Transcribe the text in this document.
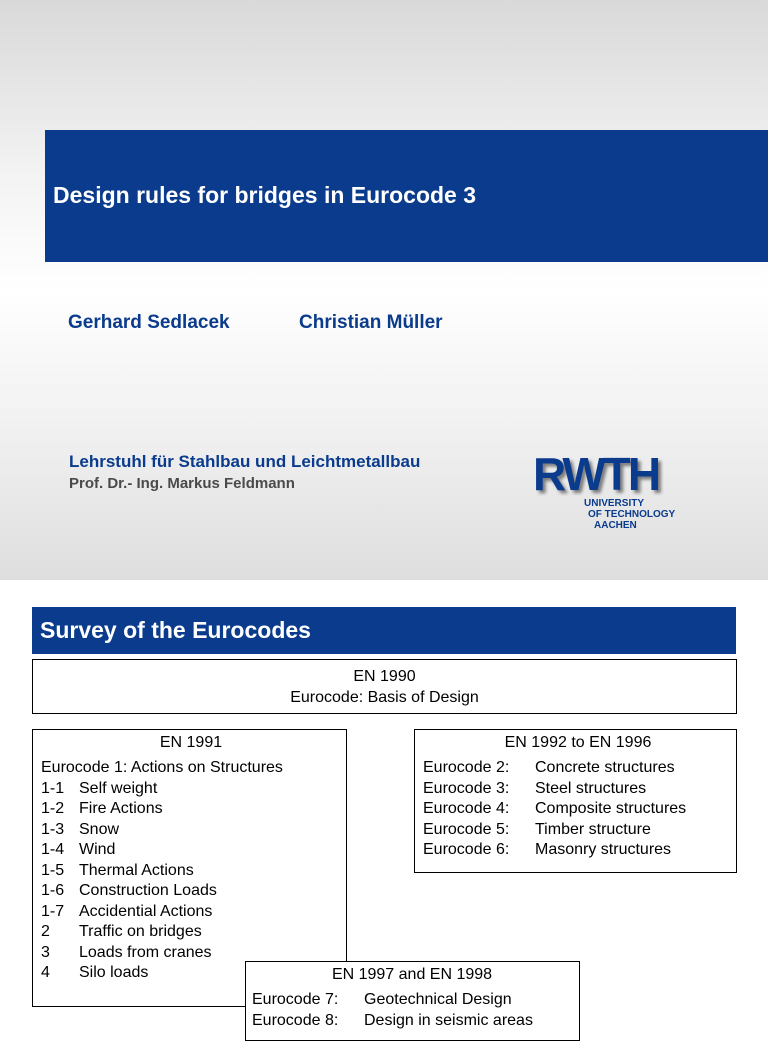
Design rules for bridges in Eurocode 3
Gerhard Sedlacek	Christian Müller
Lehrstuhl für Stahlbau und Leichtmetallbau
Prof. Dr.- Ing. Markus Feldmann	RWTH
UNIVERSITY
OF TECHNOLOGY
AACHEN
Survey of the Eurocodes
EN 1990
Eurocode: Basis of Design
EN 1991
Eurocode 1: Actions on Structures
1-1 Self weight
1-2 Fire Actions
1-3 Snow
1-4 Wind
1-5 Thermal Actions
1-6 Construction Loads
1-7 Accidential Actions
2 Traffic on bridges
3 Loads from cranes
4 Silo loads
EN 1992 to EN 1996
Eurocode 2: Concrete structures
Eurocode 3: Steel structures
Eurocode 4: Composite structures
Eurocode 5: Timber structure
Eurocode 6: Masonry structures
EN 1997 and EN 1998
Eurocode 7: Geotechnical Design
Eurocode 8: Design in seismic areas
